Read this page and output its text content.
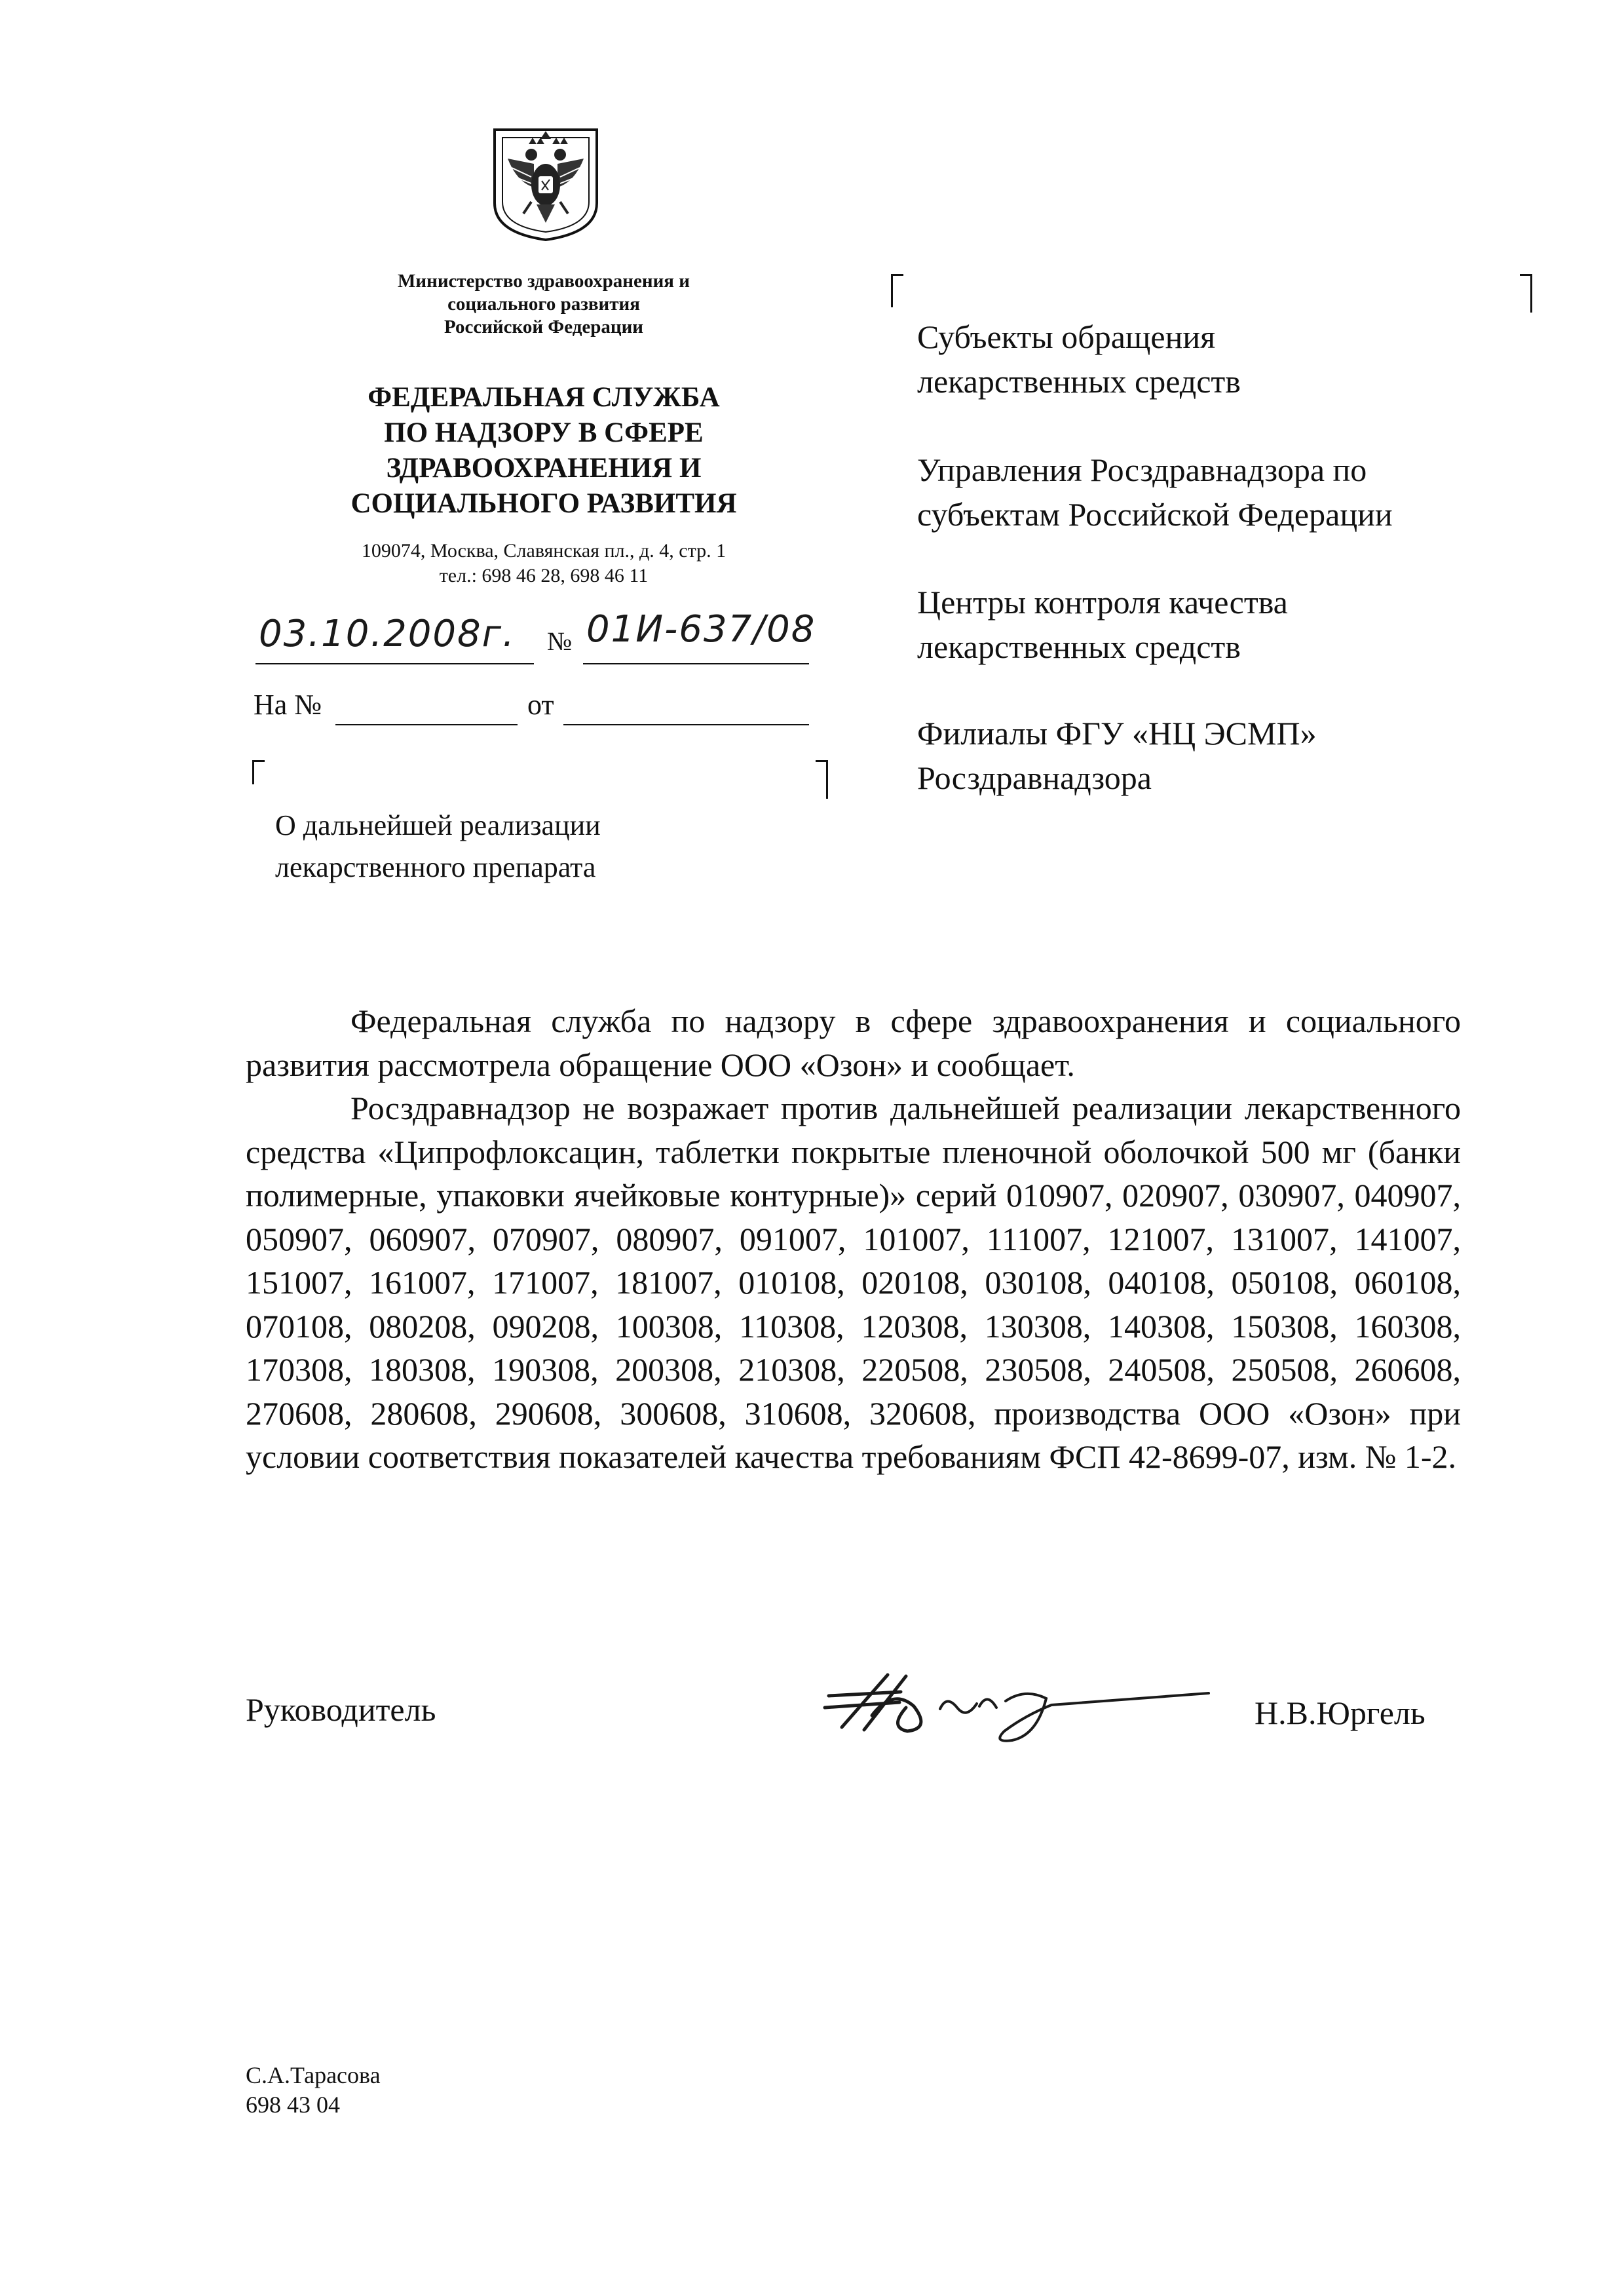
Министерство здравоохранения и
социального развития
Российской Федерации
ФЕДЕРАЛЬНАЯ СЛУЖБА
ПО НАДЗОРУ В СФЕРЕ
ЗДРАВООХРАНЕНИЯ И
СОЦИАЛЬНОГО РАЗВИТИЯ
109074, Москва, Славянская пл., д. 4, стр. 1
тел.: 698 46 28, 698 46 11
03.10.2008г. № 01И-637/08
На №	от
О дальнейшей реализации
лекарственного препарата
Субъекты обращения
лекарственных средств
Управления Росздравнадзора по
субъектам Российской Федерации
Центры контроля качества
лекарственных средств
Филиалы ФГУ «НЦ ЭСМП»
Росздравнадзора

Федеральная служба по надзору в сфере здравоохранения и социального развития рассмотрела обращение ООО «Озон» и сообщает.

Росздравнадзор не возражает против дальнейшей реализации лекарственного средства «Ципрофлоксацин, таблетки покрытые пленочной оболочкой 500 мг (банки полимерные, упаковки ячейковые контурные)» серий 010907, 020907, 030907, 040907, 050907, 060907, 070907, 080907, 091007, 101007, 111007, 121007, 131007, 141007, 151007, 161007, 171007, 181007, 010108, 020108, 030108, 040108, 050108, 060108, 070108, 080208, 090208, 100308, 110308, 120308, 130308, 140308, 150308, 160308, 170308, 180308, 190308, 200308, 210308, 220508, 230508, 240508, 250508, 260608, 270608, 280608, 290608, 300608, 310608, 320608, производства ООО «Озон» при условии соответствия показателей качества требованиям ФСП 42-8699-07, изм. № 1-2.

Руководитель	Н.В.Юргель
С.А.Тарасова
698 43 04
